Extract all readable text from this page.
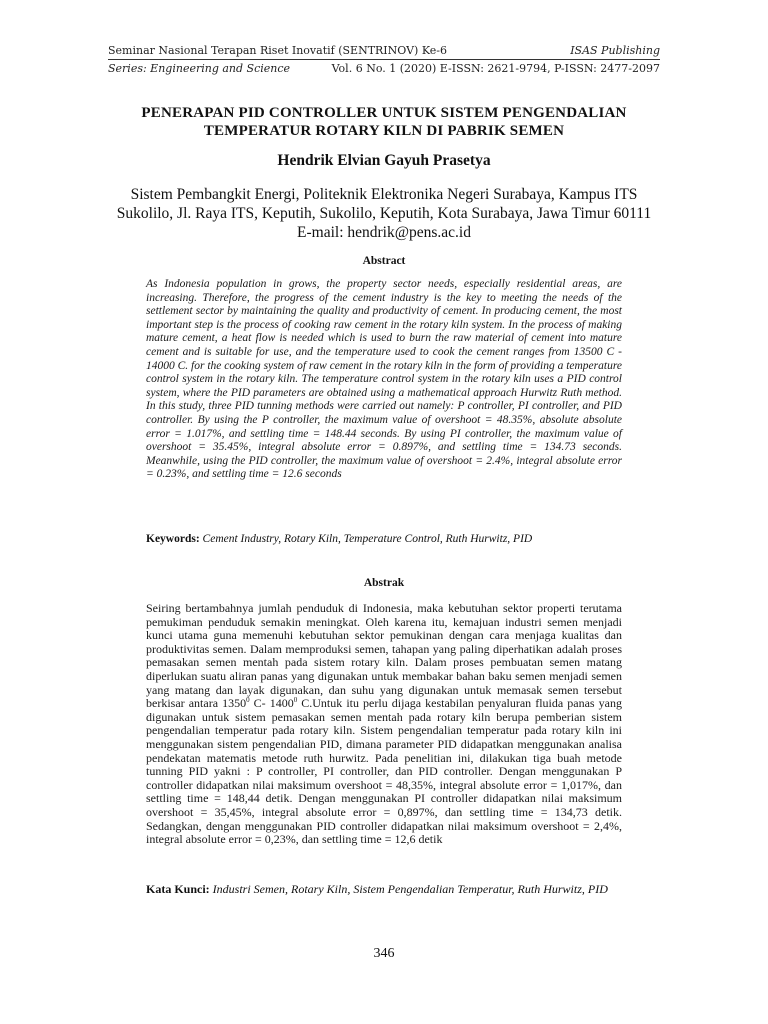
Seminar Nasional Terapan Riset Inovatif (SENTRINOV) Ke-6	ISAS Publishing
Series: Engineering and Science	Vol. 6 No. 1 (2020) E-ISSN: 2621-9794, P-ISSN: 2477-2097
PENERAPAN PID CONTROLLER UNTUK SISTEM PENGENDALIAN
TEMPERATUR ROTARY KILN DI PABRIK SEMEN
Hendrik Elvian Gayuh Prasetya
Sistem Pembangkit Energi, Politeknik Elektronika Negeri Surabaya, Kampus ITS
Sukolilo, Jl. Raya ITS, Keputih, Sukolilo, Keputih, Kota Surabaya, Jawa Timur 60111
E-mail: hendrik@pens.ac.id
Abstract
As Indonesia population in grows, the property sector needs, especially residential areas, are increasing. Therefore, the progress of the cement industry is the key to meeting the needs of the settlement sector by maintaining the quality and productivity of cement. In producing cement, the most important step is the process of cooking raw cement in the rotary kiln system. In the process of making mature cement, a heat flow is needed which is used to burn the raw material of cement into mature cement and is suitable for use, and the temperature used to cook the cement ranges from 13500 C - 14000 C. for the cooking system of raw cement in the rotary kiln in the form of providing a temperature control system in the rotary kiln. The temperature control system in the rotary kiln uses a PID control system, where the PID parameters are obtained using a mathematical approach Hurwitz Ruth method. In this study, three PID tunning methods were carried out namely: P controller, PI controller, and PID controller. By using the P controller, the maximum value of overshoot = 48.35%, absolute absolute error = 1.017%, and settling time = 148.44 seconds. By using PI controller, the maximum value of overshoot = 35.45%, integral absolute error = 0.897%, and settling time = 134.73 seconds. Meanwhile, using the PID controller, the maximum value of overshoot = 2.4%, integral absolute error = 0.23%, and settling time = 12.6 seconds
Keywords: Cement Industry, Rotary Kiln, Temperature Control, Ruth Hurwitz, PID
Abstrak
Seiring bertambahnya jumlah penduduk di Indonesia, maka kebutuhan sektor properti terutama pemukiman penduduk semakin meningkat. Oleh karena itu, kemajuan industri semen menjadi kunci utama guna memenuhi kebutuhan sektor pemukinan dengan cara menjaga kualitas dan produktivitas semen. Dalam memproduksi semen, tahapan yang paling diperhatikan adalah proses pemasakan semen mentah pada sistem rotary kiln. Dalam proses pembuatan semen matang diperlukan suatu aliran panas yang digunakan untuk membakar bahan baku semen menjadi semen yang matang dan layak digunakan, dan suhu yang digunakan untuk memasak semen tersebut berkisar antara 1350$^0$ C- 1400$^0$ C.Untuk itu perlu dijaga kestabilan penyaluran fluida panas yang digunakan untuk sistem pemasakan semen mentah pada rotary kiln berupa pemberian sistem pengendalian temperatur pada rotary kiln. Sistem pengendalian temperatur pada rotary kiln ini menggunakan sistem pengendalian PID, dimana parameter PID didapatkan menggunakan analisa pendekatan matematis metode ruth hurwitz. Pada penelitian ini, dilakukan tiga buah metode tunning PID yakni : P controller, PI controller, dan PID controller. Dengan menggunakan P controller didapatkan nilai maksimum overshoot = 48,35%, integral absolute error = 1,017%, dan settling time = 148,44 detik. Dengan menggunakan PI controller didapatkan nilai maksimum overshoot = 35,45%, integral absolute error = 0,897%, dan settling time = 134,73 detik. Sedangkan, dengan menggunakan PID controller didapatkan nilai maksimum overshoot = 2,4%, integral absolute error = 0,23%, dan settling time = 12,6 detik
Kata Kunci: Industri Semen, Rotary Kiln, Sistem Pengendalian Temperatur, Ruth Hurwitz, PID
346
